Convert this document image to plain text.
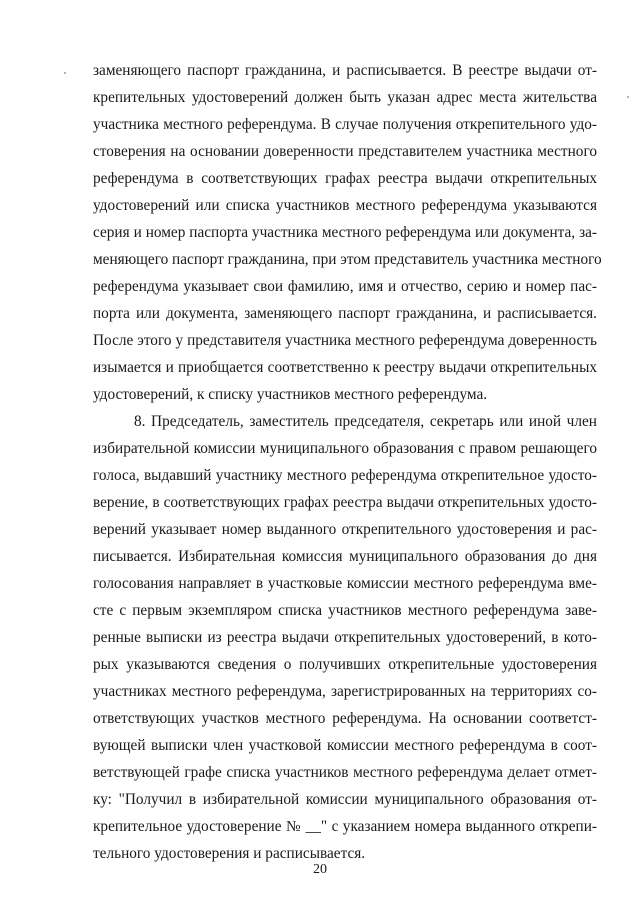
заменяющего паспорт гражданина, и расписывается. В реестре выдачи от-
крепительных удостоверений должен быть указан адрес места жительства
участника местного референдума. В случае получения открепительного удо-
стоверения на основании доверенности представителем участника местного
референдума в соответствующих графах реестра выдачи открепительных
удостоверений или списка участников местного референдума указываются
серия и номер паспорта участника местного референдума или документа, за-
меняющего паспорт гражданина, при этом представитель участника местного
референдума указывает свои фамилию, имя и отчество, серию и номер пас-
порта или документа, заменяющего паспорт гражданина, и расписывается.
После этого у представителя участника местного референдума доверенность
изымается и приобщается соответственно к реестру выдачи открепительных
удостоверений, к списку участников местного референдума.
8. Председатель, заместитель председателя, секретарь или иной член
избирательной комиссии муниципального образования с правом решающего
голоса, выдавший участнику местного референдума открепительное удосто-
верение, в соответствующих графах реестра выдачи открепительных удосто-
верений указывает номер выданного открепительного удостоверения и рас-
писывается. Избирательная комиссия муниципального образования до дня
голосования направляет в участковые комиссии местного референдума вме-
сте с первым экземпляром списка участников местного референдума заве-
ренные выписки из реестра выдачи открепительных удостоверений, в кото-
рых указываются сведения о получивших открепительные удостоверения
участниках местного референдума, зарегистрированных на территориях со-
ответствующих участков местного референдума. На основании соответст-
вующей выписки член участковой комиссии местного референдума в соот-
ветствующей графе списка участников местного референдума делает отмет-
ку: "Получил в избирательной комиссии муниципального образования от-
крепительное удостоверение № __" с указанием номера выданного открепи-
тельного удостоверения и расписывается.
20
